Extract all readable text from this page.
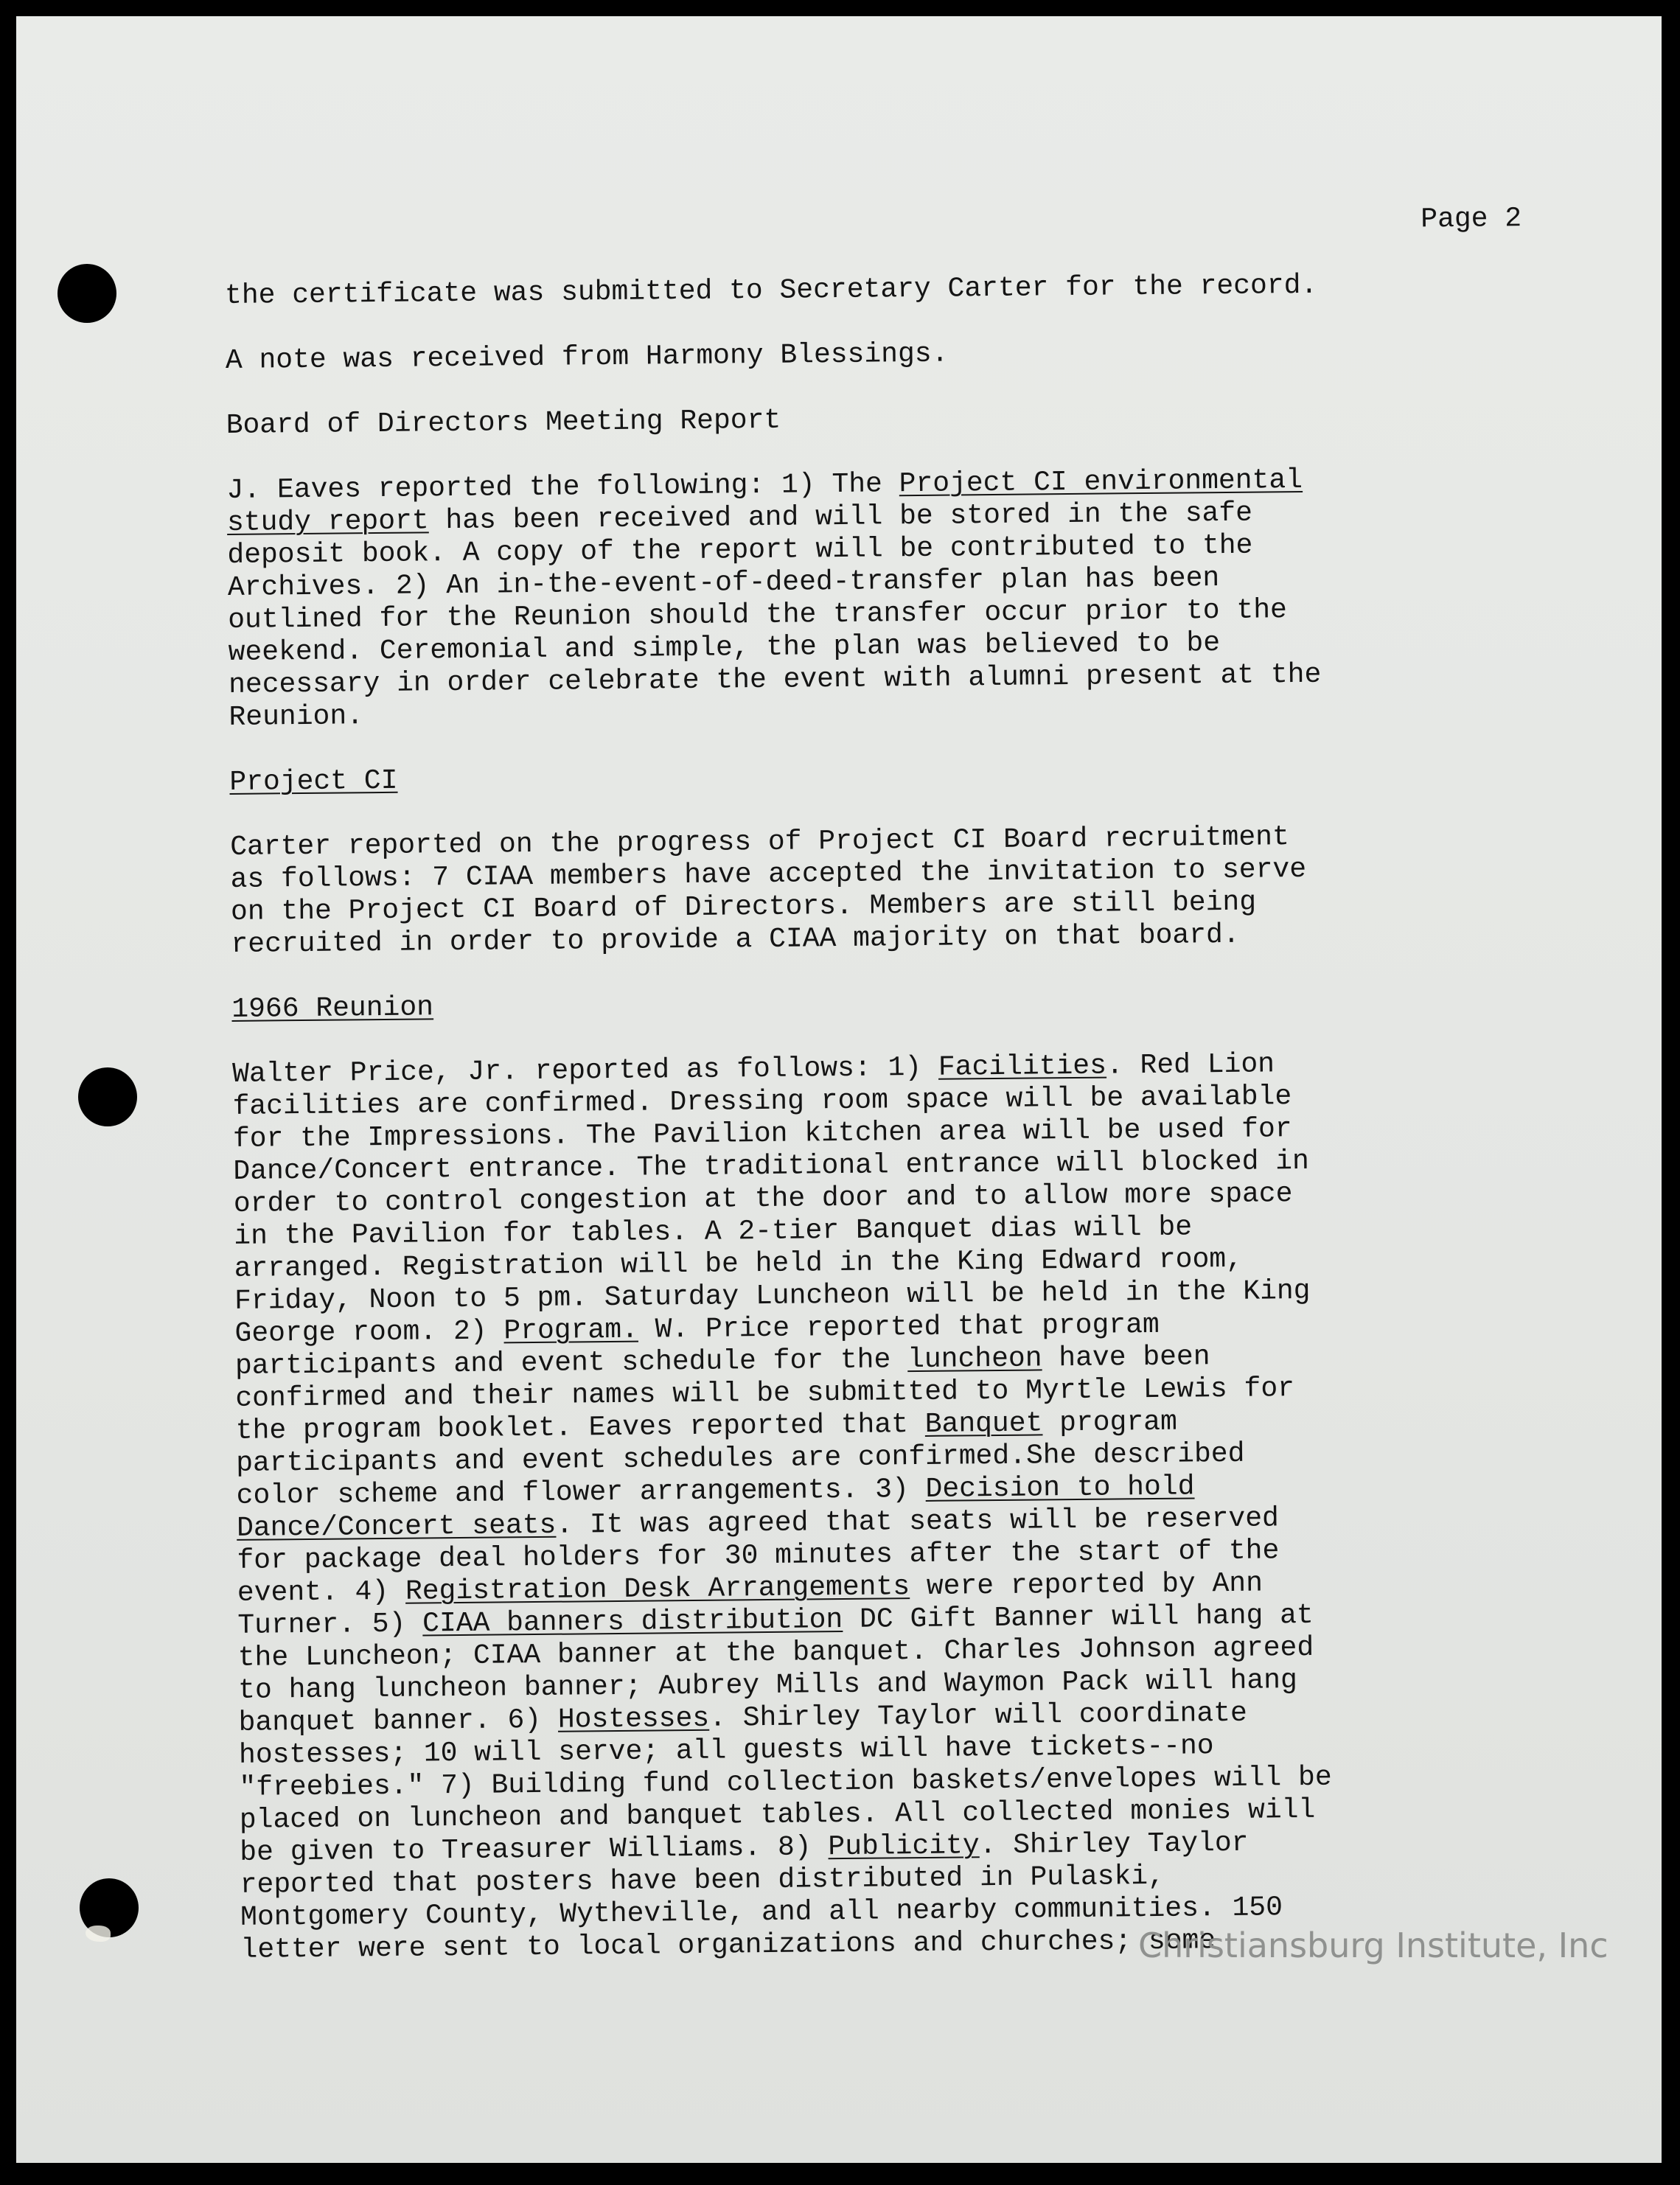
Page 2

the certificate was submitted to Secretary Carter for the record.

A note was received from Harmony Blessings.

Board of Directors Meeting Report

J. Eaves reported the following: 1) The Project CI environmental
study report has been received and will be stored in the safe
deposit book. A copy of the report will be contributed to the
Archives. 2) An in-the-event-of-deed-transfer plan has been
outlined for the Reunion should the transfer occur prior to the
weekend. Ceremonial and simple, the plan was believed to be
necessary in order celebrate the event with alumni present at the
Reunion.

Project CI

Carter reported on the progress of Project CI Board recruitment
as follows: 7 CIAA members have accepted the invitation to serve
on the Project CI Board of Directors. Members are still being
recruited in order to provide a CIAA majority on that board.

1966 Reunion

Walter Price, Jr. reported as follows: 1) Facilities. Red Lion
facilities are confirmed. Dressing room space will be available
for the Impressions. The Pavilion kitchen area will be used for
Dance/Concert entrance. The traditional entrance will blocked in
order to control congestion at the door and to allow more space
in the Pavilion for tables. A 2-tier Banquet dias will be
arranged. Registration will be held in the King Edward room,
Friday, Noon to 5 pm. Saturday Luncheon will be held in the King
George room. 2) Program. W. Price reported that program
participants and event schedule for the luncheon have been
confirmed and their names will be submitted to Myrtle Lewis for
the program booklet. Eaves reported that Banquet program
participants and event schedules are confirmed.She described
color scheme and flower arrangements. 3) Decision to hold
Dance/Concert seats. It was agreed that seats will be reserved
for package deal holders for 30 minutes after the start of the
event. 4) Registration Desk Arrangements were reported by Ann
Turner. 5) CIAA banners distribution DC Gift Banner will hang at
the Luncheon; CIAA banner at the banquet. Charles Johnson agreed
to hang luncheon banner; Aubrey Mills and Waymon Pack will hang
banquet banner. 6) Hostesses. Shirley Taylor will coordinate
hostesses; 10 will serve; all guests will have tickets--no
"freebies." 7) Building fund collection baskets/envelopes will be
placed on luncheon and banquet tables. All collected monies will
be given to Treasurer Williams. 8) Publicity. Shirley Taylor
reported that posters have been distributed in Pulaski,
Montgomery County, Wytheville, and all nearby communities. 150
letter were sent to local organizations and churches; some

Christiansburg Institute, Inc
